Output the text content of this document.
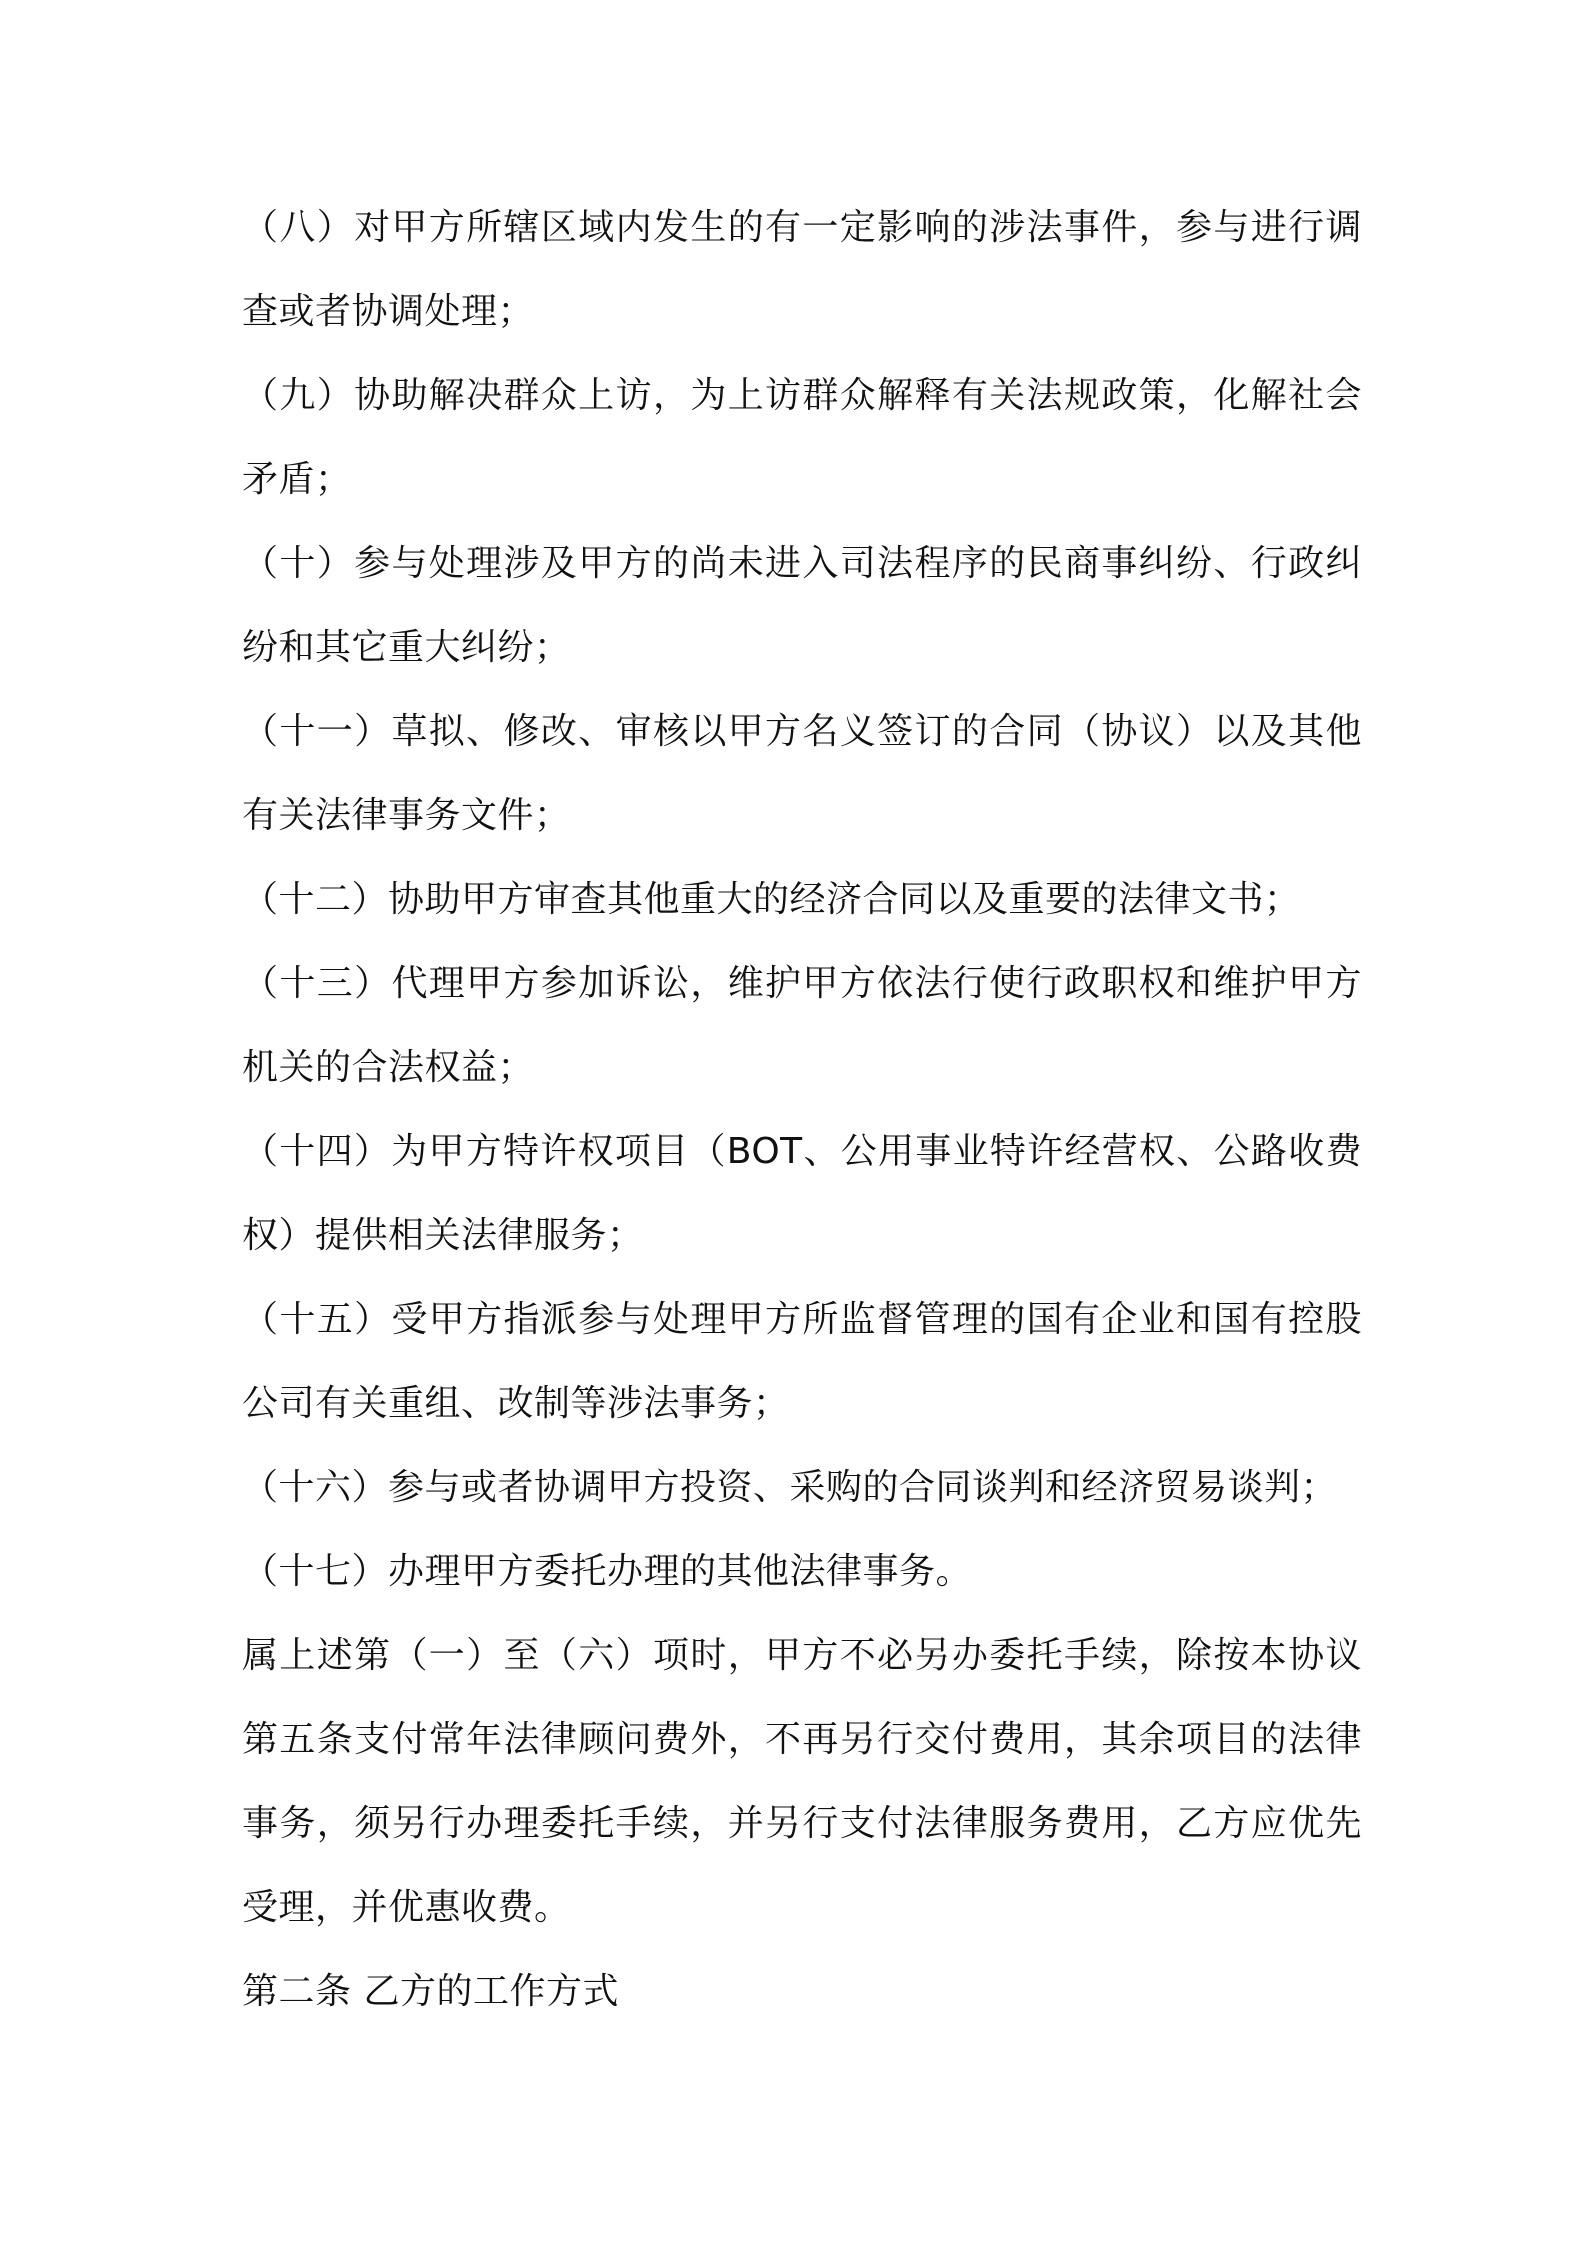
（八）对甲方所辖区域内发生的有一定影响的涉法事件，参与进行调查或者协调处理；

（九）协助解决群众上访，为上访群众解释有关法规政策，化解社会矛盾；

（十）参与处理涉及甲方的尚未进入司法程序的民商事纠纷、行政纠纷和其它重大纠纷；

（十一）草拟、修改、审核以甲方名义签订的合同（协议）以及其他有关法律事务文件；

（十二）协助甲方审查其他重大的经济合同以及重要的法律文书；

（十三）代理甲方参加诉讼，维护甲方依法行使行政职权和维护甲方机关的合法权益；

（十四）为甲方特许权项目（BOT、公用事业特许经营权、公路收费权）提供相关法律服务；

（十五）受甲方指派参与处理甲方所监督管理的国有企业和国有控股公司有关重组、改制等涉法事务；

（十六）参与或者协调甲方投资、采购的合同谈判和经济贸易谈判；

（十七）办理甲方委托办理的其他法律事务。

属上述第（一）至（六）项时，甲方不必另办委托手续，除按本协议第五条支付常年法律顾问费外，不再另行交付费用，其余项目的法律事务，须另行办理委托手续，并另行支付法律服务费用，乙方应优先受理，并优惠收费。

第二条 乙方的工作方式
